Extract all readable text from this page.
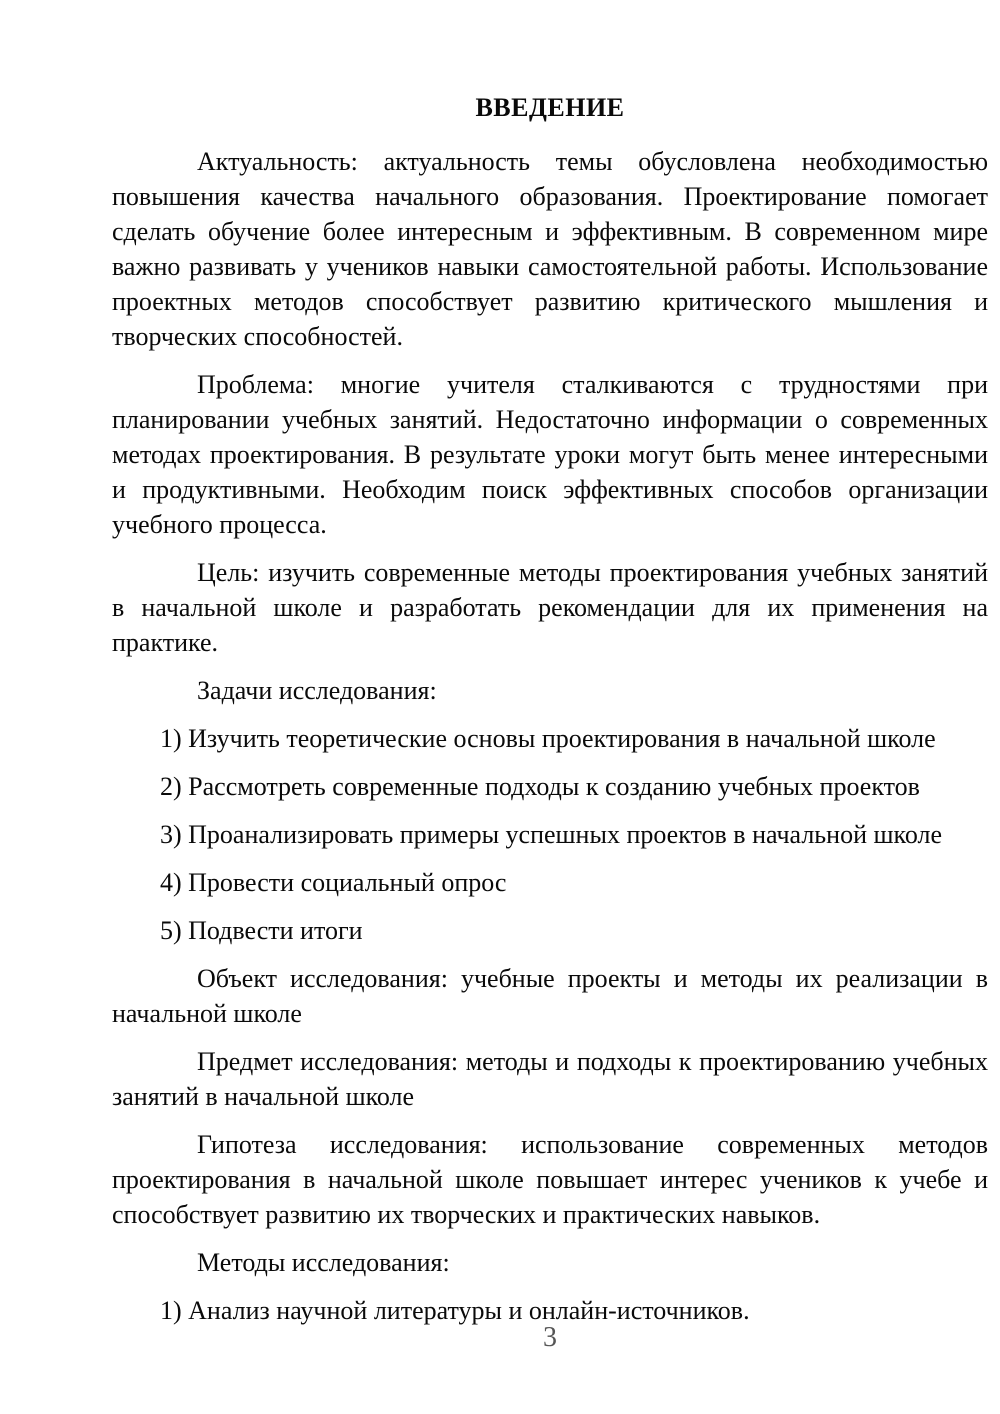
ВВЕДЕНИЕ

Актуальность: актуальность темы обусловлена необходимостью повышения качества начального образования. Проектирование помогает сделать обучение более интересным и эффективным. В современном мире важно развивать у учеников навыки самостоятельной работы. Использование проектных методов способствует развитию критического мышления и творческих способностей.

Проблема: многие учителя сталкиваются с трудностями при планировании учебных занятий. Недостаточно информации о современных методах проектирования. В результате уроки могут быть менее интересными и продуктивными. Необходим поиск эффективных способов организации учебного процесса.

Цель: изучить современные методы проектирования учебных занятий в начальной школе и разработать рекомендации для их применения на практике.

Задачи исследования:

1) Изучить теоретические основы проектирования в начальной школе

2) Рассмотреть современные подходы к созданию учебных проектов

3) Проанализировать примеры успешных проектов в начальной школе

4) Провести социальный опрос

5) Подвести итоги

Объект исследования: учебные проекты и методы их реализации в начальной школе

Предмет исследования: методы и подходы к проектированию учебных занятий в начальной школе

Гипотеза исследования: использование современных методов проектирования в начальной школе повышает интерес учеников к учебе и способствует развитию их творческих и практических навыков.

Методы исследования:

1) Анализ научной литературы и онлайн-источников.

3
